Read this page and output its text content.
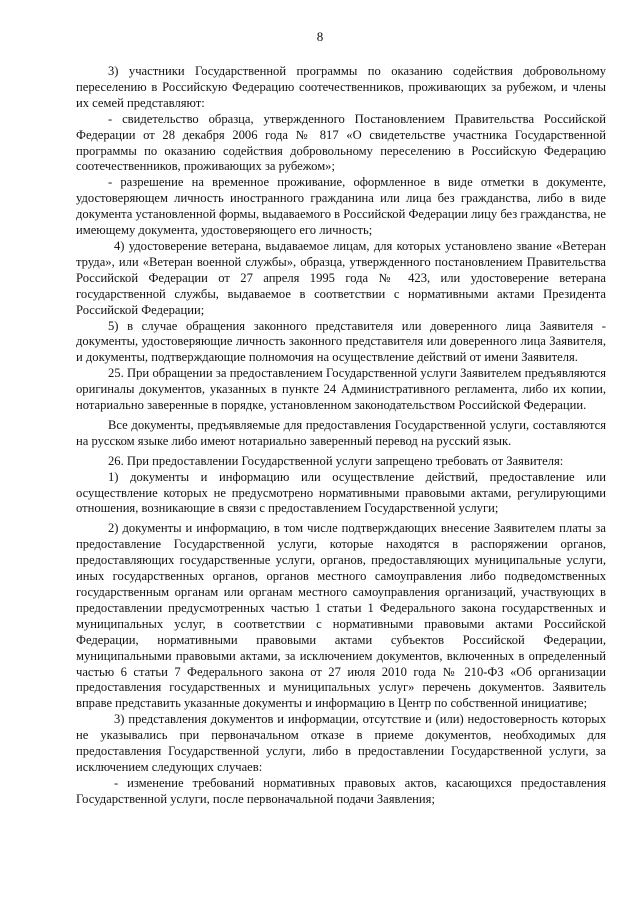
8

3) участники Государственной программы по оказанию содействия добровольному переселению в Российскую Федерацию соотечественников, проживающих за рубежом, и члены их семей представляют:

- свидетельство образца, утвержденного Постановлением Правительства Российской Федерации от 28 декабря 2006 года № 817 «О свидетельстве участника Государственной программы по оказанию содействия добровольному переселению в Российскую Федерацию соотечественников, проживающих за рубежом»;

- разрешение на временное проживание, оформленное в виде отметки в документе, удостоверяющем личность иностранного гражданина или лица без гражданства, либо в виде документа установленной формы, выдаваемого в Российской Федерации лицу без гражданства, не имеющему документа, удостоверяющего его личность;

4) удостоверение ветерана, выдаваемое лицам, для которых установлено звание «Ветеран труда», или «Ветеран военной службы», образца, утвержденного постановлением Правительства Российской Федерации от 27 апреля 1995 года № 423, или удостоверение ветерана государственной службы, выдаваемое в соответствии с нормативными актами Президента Российской Федерации;

5) в случае обращения законного представителя или доверенного лица Заявителя - документы, удостоверяющие личность законного представителя или доверенного лица Заявителя, и документы, подтверждающие полномочия на осуществление действий от имени Заявителя.

25. При обращении за предоставлением Государственной услуги Заявителем предъявляются оригиналы документов, указанных в пункте 24 Административного регламента, либо их копии, нотариально заверенные в порядке, установленном законодательством Российской Федерации.

Все документы, предъявляемые для предоставления Государственной услуги, составляются на русском языке либо имеют нотариально заверенный перевод на русский язык.

26. При предоставлении Государственной услуги запрещено требовать от Заявителя:

1) документы и информацию или осуществление действий, предоставление или осуществление которых не предусмотрено нормативными правовыми актами, регулирующими отношения, возникающие в связи с предоставлением Государственной услуги;

2) документы и информацию, в том числе подтверждающих внесение Заявителем платы за предоставление Государственной услуги, которые находятся в распоряжении органов, предоставляющих государственные услуги, органов, предоставляющих муниципальные услуги, иных государственных органов, органов местного самоуправления либо подведомственных государственным органам или органам местного самоуправления организаций, участвующих в предоставлении предусмотренных частью 1 статьи 1 Федерального закона государственных и муниципальных услуг, в соответствии с нормативными правовыми актами Российской Федерации, нормативными правовыми актами субъектов Российской Федерации, муниципальными правовыми актами, за исключением документов, включенных в определенный частью 6 статьи 7 Федерального закона от 27 июля 2010 года № 210-ФЗ «Об организации предоставления государственных и муниципальных услуг» перечень документов. Заявитель вправе представить указанные документы и информацию в Центр по собственной инициативе;

3) представления документов и информации, отсутствие и (или) недостоверность которых не указывались при первоначальном отказе в приеме документов, необходимых для предоставления Государственной услуги, либо в предоставлении Государственной услуги, за исключением следующих случаев:

- изменение требований нормативных правовых актов, касающихся предоставления Государственной услуги, после первоначальной подачи Заявления;
